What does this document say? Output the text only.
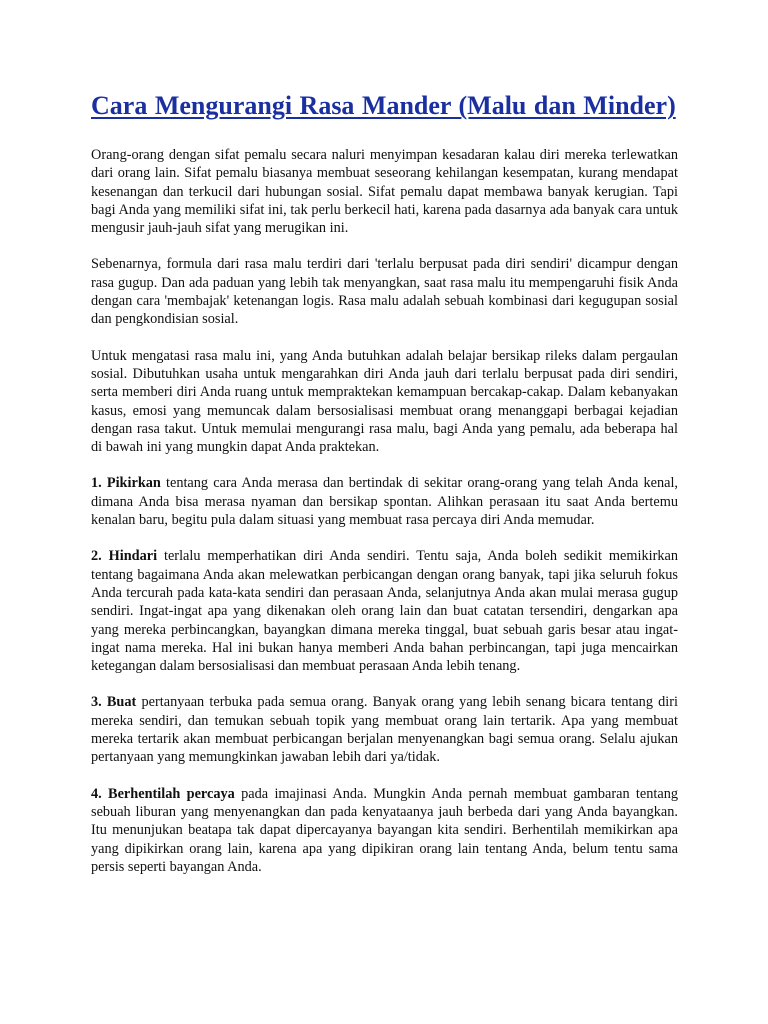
Cara Mengurangi Rasa Mander (Malu dan Minder)

Orang-orang dengan sifat pemalu secara naluri menyimpan kesadaran kalau diri mereka terlewatkan dari orang lain. Sifat pemalu biasanya membuat seseorang kehilangan kesempatan, kurang mendapat kesenangan dan terkucil dari hubungan sosial. Sifat pemalu dapat membawa banyak kerugian. Tapi bagi Anda yang memiliki sifat ini, tak perlu berkecil hati, karena pada dasarnya ada banyak cara untuk mengusir jauh-jauh sifat yang merugikan ini.

Sebenarnya, formula dari rasa malu terdiri dari 'terlalu berpusat pada diri sendiri' dicampur dengan rasa gugup. Dan ada paduan yang lebih tak menyangkan, saat rasa malu itu mempengaruhi fisik Anda dengan cara 'membajak' ketenangan logis. Rasa malu adalah sebuah kombinasi dari kegugupan sosial dan pengkondisian sosial.

Untuk mengatasi rasa malu ini, yang Anda butuhkan adalah belajar bersikap rileks dalam pergaulan sosial. Dibutuhkan usaha untuk mengarahkan diri Anda jauh dari terlalu berpusat pada diri sendiri, serta memberi diri Anda ruang untuk mempraktekan kemampuan bercakap-cakap. Dalam kebanyakan kasus, emosi yang memuncak dalam bersosialisasi membuat orang menanggapi berbagai kejadian dengan rasa takut. Untuk memulai mengurangi rasa malu, bagi Anda yang pemalu, ada beberapa hal di bawah ini yang mungkin dapat Anda praktekan.

1. Pikirkan tentang cara Anda merasa dan bertindak di sekitar orang-orang yang telah Anda kenal, dimana Anda bisa merasa nyaman dan bersikap spontan. Alihkan perasaan itu saat Anda bertemu kenalan baru, begitu pula dalam situasi yang membuat rasa percaya diri Anda memudar.

2. Hindari terlalu memperhatikan diri Anda sendiri. Tentu saja, Anda boleh sedikit memikirkan tentang bagaimana Anda akan melewatkan perbicangan dengan orang banyak, tapi jika seluruh fokus Anda tercurah pada kata-kata sendiri dan perasaan Anda, selanjutnya Anda akan mulai merasa gugup sendiri. Ingat-ingat apa yang dikenakan oleh orang lain dan buat catatan tersendiri, dengarkan apa yang mereka perbincangkan, bayangkan dimana mereka tinggal, buat sebuah garis besar atau ingat-ingat nama mereka. Hal ini bukan hanya memberi Anda bahan perbincangan, tapi juga mencairkan ketegangan dalam bersosialisasi dan membuat perasaan Anda lebih tenang.

3. Buat pertanyaan terbuka pada semua orang. Banyak orang yang lebih senang bicara tentang diri mereka sendiri, dan temukan sebuah topik yang membuat orang lain tertarik. Apa yang membuat mereka tertarik akan membuat perbicangan berjalan menyenangkan bagi semua orang. Selalu ajukan pertanyaan yang memungkinkan jawaban lebih dari ya/tidak.

4. Berhentilah percaya pada imajinasi Anda. Mungkin Anda pernah membuat gambaran tentang sebuah liburan yang menyenangkan dan pada kenyataanya jauh berbeda dari yang Anda bayangkan. Itu menunjukan beatapa tak dapat dipercayanya bayangan kita sendiri. Berhentilah memikirkan apa yang dipikirkan orang lain, karena apa yang dipikiran orang lain tentang Anda, belum tentu sama persis seperti bayangan Anda.
